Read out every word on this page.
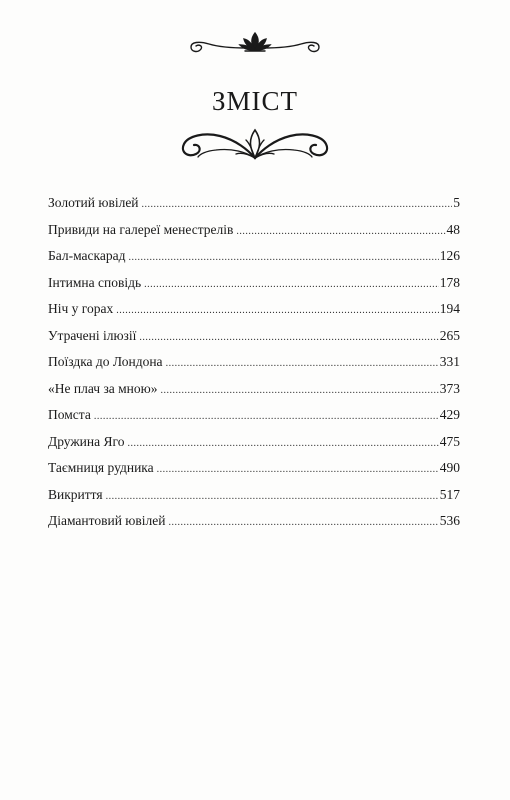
ЗМІСТ
Золотий ювілей .....	5
Привиди на галереї менестрелів .....	48
Бал-маскарад .....	126
Інтимна сповідь .....	178
Ніч у горах .....	194
Утрачені ілюзії .....	265
Поїздка до Лондона .....	331
«Не плач за мною» .....	373
Помста .....	429
Дружина Яго .....	475
Таємниця рудника .....	490
Викриття .....	517
Діамантовий ювілей .....	536
